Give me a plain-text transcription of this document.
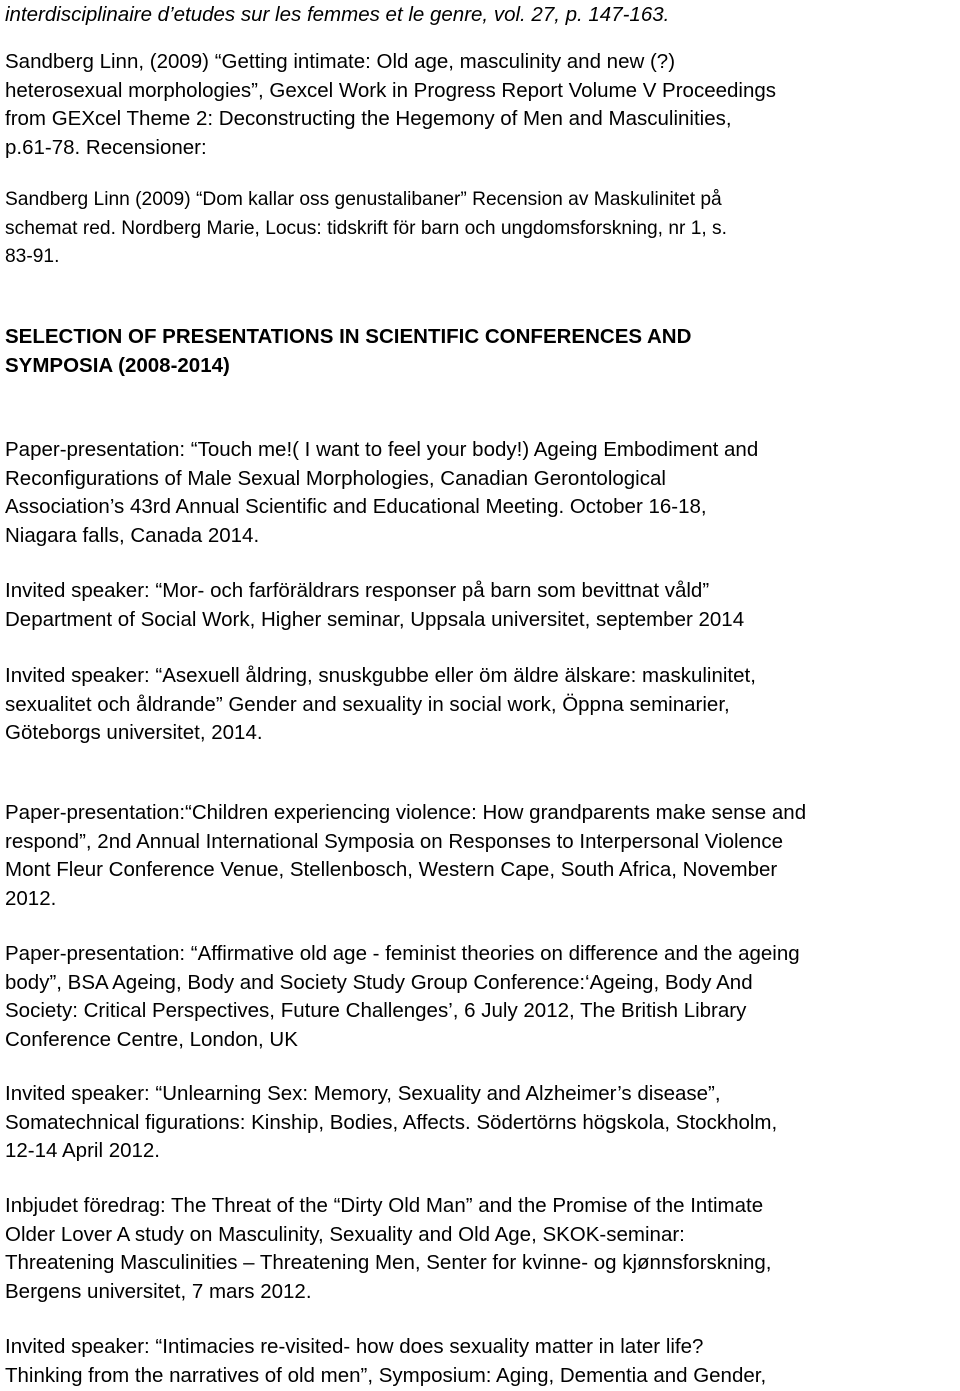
interdisciplinaire d’etudes sur les femmes et le genre, vol. 27, p. 147-163.

Sandberg Linn, (2009) “Getting intimate: Old age, masculinity and new (?)
heterosexual morphologies”, Gexcel Work in Progress Report Volume V Proceedings
from GEXcel Theme 2: Deconstructing the Hegemony of Men and Masculinities,
p.61-78. Recensioner:

Sandberg Linn (2009) “Dom kallar oss genustalibaner” Recension av Maskulinitet på
schemat red. Nordberg Marie, Locus: tidskrift för barn och ungdomsforskning, nr 1, s.
83-91.

SELECTION OF PRESENTATIONS IN SCIENTIFIC CONFERENCES AND
SYMPOSIA (2008-2014)

Paper-presentation: “Touch me!( I want to feel your body!) Ageing Embodiment and
Reconfigurations of Male Sexual Morphologies, Canadian Gerontological
Association’s 43rd Annual Scientific and Educational Meeting. October 16-18,
Niagara falls, Canada 2014.

Invited speaker: “Mor- och farföräldrars responser på barn som bevittnat våld”
Department of Social Work, Higher seminar, Uppsala universitet, september 2014

Invited speaker: “Asexuell åldring, snuskgubbe eller öm äldre älskare: maskulinitet,
sexualitet och åldrande” Gender and sexuality in social work, Öppna seminarier,
Göteborgs universitet, 2014.

Paper-presentation:“Children experiencing violence: How grandparents make sense and
respond”, 2nd Annual International Symposia on Responses to Interpersonal Violence
Mont Fleur Conference Venue, Stellenbosch, Western Cape, South Africa, November
2012.

Paper-presentation: “Affirmative old age - feminist theories on difference and the ageing
body”, BSA Ageing, Body and Society Study Group Conference:‘Ageing, Body And
Society: Critical Perspectives, Future Challenges’, 6 July 2012, The British Library
Conference Centre, London, UK

Invited speaker: “Unlearning Sex: Memory, Sexuality and Alzheimer’s disease”,
Somatechnical figurations: Kinship, Bodies, Affects. Södertörns högskola, Stockholm,
12-14 April 2012.

Inbjudet föredrag: The Threat of the “Dirty Old Man” and the Promise of the Intimate
Older Lover A study on Masculinity, Sexuality and Old Age, SKOK-seminar:
Threatening Masculinities – Threatening Men, Senter for kvinne- og kjønnsforskning,
Bergens universitet, 7 mars 2012.

Invited speaker: “Intimacies re-visited- how does sexuality matter in later life?
Thinking from the narratives of old men”, Symposium: Aging, Dementia and Gender,
